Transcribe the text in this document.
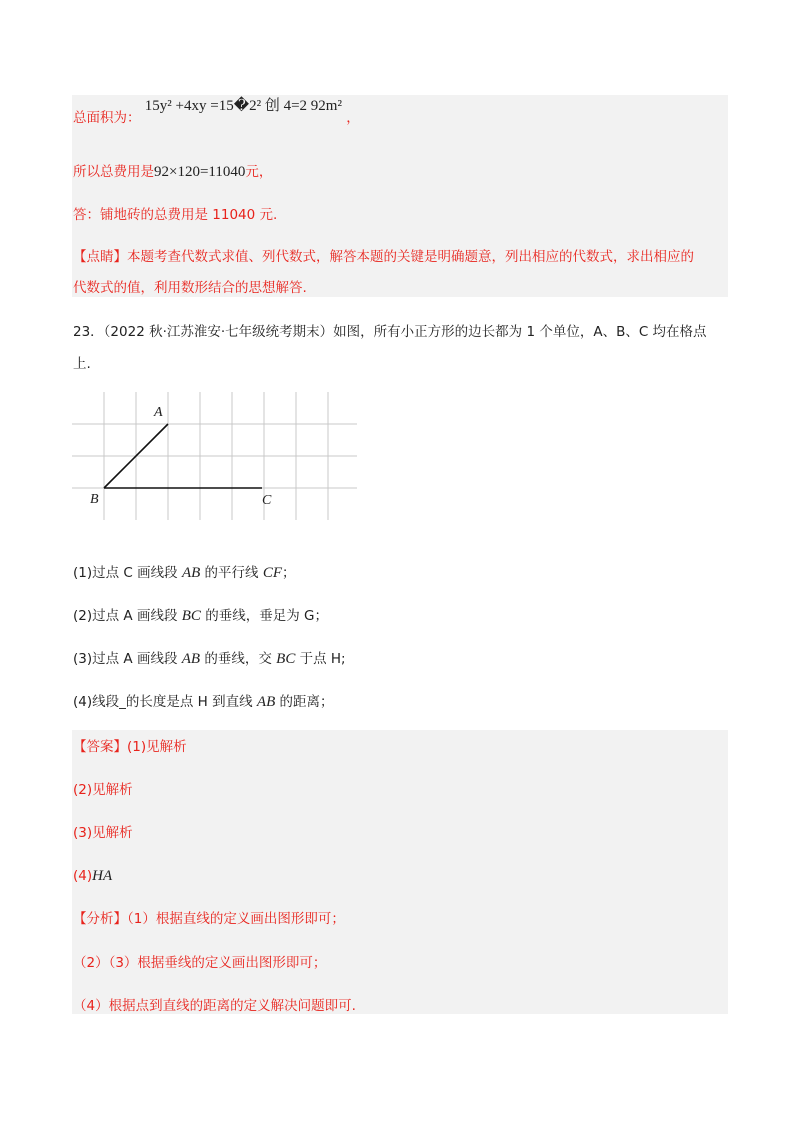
总面积为： 15y² +4xy =15�2² 创 4=2 92m² ，
所以总费用是92×120=11040元，
答：铺地砖的总费用是 11040 元.
【点睛】本题考查代数式求值、列代数式，解答本题的关键是明确题意，列出相应的代数式，求出相应的
代数式的值，利用数形结合的思想解答.
23．（2022 秋·江苏淮安·七年级统考期末）如图，所有小正方形的边长都为 1 个单位，A、B、C 均在格点
上.
A
B	C
(1)过点 C 画线段 AB 的平行线 CF；
(2)过点 A 画线段 BC 的垂线，垂足为 G；
(3)过点 A 画线段 AB 的垂线，交 BC 于点 H;
(4)线段_的长度是点 H 到直线 AB 的距离；
【答案】(1)见解析
(2)见解析
(3)见解析
(4)HA
【分析】（1）根据直线的定义画出图形即可；
（2）（3）根据垂线的定义画出图形即可；
（4）根据点到直线的距离的定义解决问题即可.
